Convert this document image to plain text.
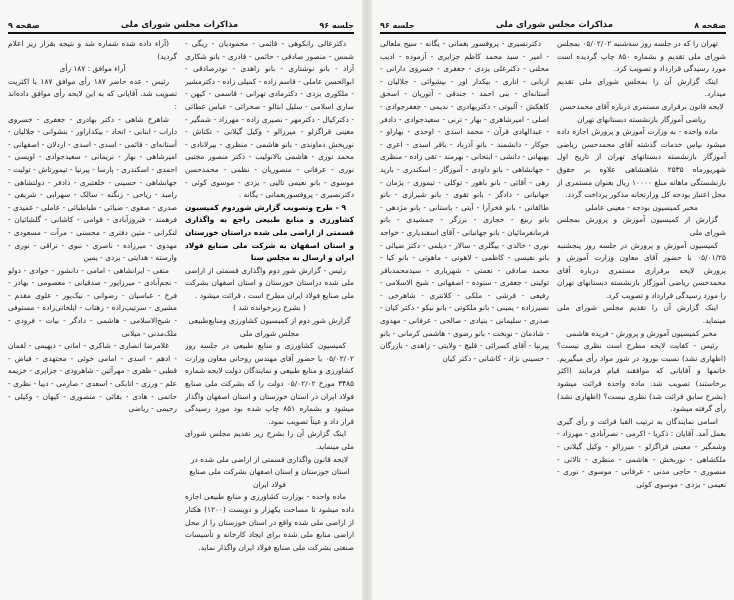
جلسه ۹۶
مذاکرات مجلس شورای ملی
صفحه ۹

دکترعالی رانکوهی - قائمی - محمودیان - ریگی - شمس - منصور صادقی - حائمی - قادری - بانو شکاری آزاد - بانو نوشتاری - بانو زاهدی - نودرصادقی - ابوالحسن عاملی - قاسم زاده - کمیلی زاده - دکترمشیر - ملکوری یزدی - دکترمادی تهرانی - قاسمی - کیهن - ساری اسلامی - سلیل ابتالو - صحرائی - عباس عطائی - دکترکیال - دکترمهر - نصیری زاده - مهرزاد - شمگیر - معینی قراگزلو - میرزالو - وکیل گیلانی - تکتاش - نوریخش دماوندی - بانو هاشمی - منظری - بیرلانادی - محمد نوری - هاشمی بالانولیب - دکتر منصور مجتبی‌ نوری - عرفانی - منصوریان - نظمی - محمدحسن موسوی - بانو نعیمی تالیی - یزدی - موسوی کوئی - دکترنصیری - پروفسوربعمانی - یگانه .

۹ - طرح وتصویب گزارش شوردوم کمیسیون کشاورزی و منابع طبیعی راجع به واگذاری قسمتی از اراضی ملی شده دراستان خوزستان و استان اصفهان به شرکت ملی صنایع فولاد ایران و ارسال به مجلس سنا

رئیس - گزارش شور دوم واگذاری قسمتی از اراضی ملی شده دراستان خوزستان و استان اصفهان بشرکت ملی صنایع فولاد ایران مطرح است ، قرائت میشود .

( بشرح زیرخوانده شد )

گزارش شور دوم از کمیسیون کشاورزی ومنابع‌طبیعی مجلس شورای ملی

کمیسیون کشاورزی و منابع طبیعی در جلسه روز ۰۵/۰۲/۰۲ با حضور آقای مهندس روحانی معاون وزارت کشاورزی و منابع طبیعی و نمایندگان دولت لایحه شماره ۳۴۸۵ مورخ ۰۵/۰۲/۰۲ دولت را که بشرکت ملی صنایع فولاد ایران در استان خوزستان و استان اصفهان واگذار میشود و بشماره ۸۵۱ چاپ شده بود مورد رسیدگی قرار داد و عیناً تصویب نمود.

اینک گزارش آن را بشرح زیر تقدیم مجلس شورای ملی مینماید.

لایحه قانون واگذاری قسمتی از اراضی ملی شده در استان خوزستان و استان اصفهان بشرکت ملی صنایع فولاد ایران

ماده واحده - بوزارت کشاورزی و منابع طبیعی اجازه داده میشود تا مساحت یکهزار و دویست (۱۲۰۰) هکتار از اراضی ملی شده واقع در استان خوزستان را از محل اراضی منابع ملی شده برای ایجاد کارخانه و تأسیسات صنعتی بشرکت ملی صنایع فولاد ایران واگذار نماید.

(آراء داده شده شماره شد و نتیجه بقرار زیر اعلام گردید)

آراء موافق : ۱۸۷ رأی

رئیس - عده حاضر ۱۸۷ رأی موافق ۱۸۷ با اکثریت تصویب شد. آقایانی که به این لایحه رأی موافق داده‌اند :

شاهرخ شاهی - دکتر بهادری - جعفری - خسروی داراب - ابنابی - اتحاد - بیکداراور - بنشوانی - جلالیان - آستانه‌ای - قائمی - اسدی - اسدی - اردلان - اصفهانی - امیرشاهی - بهار - نریمانی - سعیدجوادی - اویسی - احمدی - اسکندری - پارسا - پیرنیا - تیمورتاش - تولیت - جهانشاهی - حسینی - خلعتبری - دادفر - دولتشاهی - رامبد - ریاحی - زنگنه - سالک - سهرابی - شریفی - صدری - صفوی - ضیائی - طباطبائی - عاملی - عمیدی - فرهمند - فیروزآبادی - قوامی - کاشانی - گلشائیان - لنکرانی - متین دفتری - محسنی - مرآت - مسعودی - مهدوی - میرزاده - ناصری - نبوی - نراقی - نوری - وارسته - هدایتی - یزدی - یمین

منفی - ایرانشاهی - امامی - دانشور - جوادی - دولو - نجم‌آبادی - میرزاپور - صدقیانی - معصومی - بهادر - فرخ - عباسیان - رضوانی - نیک‌پور - علوی مقدم - مشیری - سرتیپ‌زاده - زهتاب - ایلخانی‌زاده - مستوفی - شیخ‌الاسلامی - هاشمی - دادگر - بیات - فرودی - ملک‌مدنی - میلانی

غلامرضا انصاری - شاکری - امانی - دیهیمی - لقمان - ادهم - اسدی - امامی خوئی - مجتهدی - فیاض - قطبی - ظفری - مهرآئین - شاهرودی - جزایری - خزیمه علم - ورزی - اتابکی - اسعدی - صارمی - دیبا - نظری - حاتمی - هادی - بقائی - منصوری - کیهان - وکیلی - رحیمی - ریاضی

صفحه ۸
مذاکرات مجلس شورای ملی
جلسه ۹۶

تهران را که در جلسه روز سه‌شنبه ۰۵/۰۲/۰۲ بمجلس شورای ملی تقدیم و بشماره ۸۵۰ چاپ گردیده است مورد رسیدگی قرارداد و تصویب کرد.

اینک گزارش آن را بمجلس شورای ملی تقدیم میدارد.

لایحه قانون برقراری مستمری درباره آقای محمدحسن ریاضی آموزگار بازنشسته دبستانهای تهران

ماده واحده - به وزارت آموزش و پرورش اجازه داده میشود بپاس خدمات گذشته آقای محمدحسن ریاضی آموزگار بازنشسته دبستانهای تهران از تاریخ اول شهریورماه ۲۵۳۵ شاهنشاهی علاوه بر حقوق بازنشستگی ماهانه مبلغ ۱۰۰۰۰ ریال بعنوان مستمری از محل اعتبار بودجه کل وزارتخانه مذکور پرداخت گردد.

مخبر کمیسیون بودجه - معینی عاملی

گزارش از کمیسیون آموزش و پرورش بمجلس شورای ملی

کمیسیون آموزش و پرورش در جلسه روز پنجشنبه ۰۵/۰۱/۲۵ با حضور آقای معاون وزارت آموزش و پرورش لایحه برقراری مستمری درباره آقای محمدحسن ریاضی آموزگار بازنشسته دبستانهای تهران را مورد رسیدگی قرارداد و تصویب کرد.

اینک گزارش آن را تقدیم مجلس شورای ملی مینماید.

مخبر کمیسیون آموزش و پرورش - فریده هاشمی

رئیس - کفایت لایحه مطرح است نظری نیست؟ (اظهاری نشد) نسبت بورود در شور مواد رأی میگیریم. خانمها و آقایانی که موافقند قیام فرمایند (اکثر برخاستند) تصویب شد. ماده واحده قرائت میشود (بشرح سابق قرائت شد) نظری نیست؟ (اظهاری نشد) رأی گرفته میشود.

اسامی نمایندگان به ترتیب الفبا قرائت و رأی گیری بعمل آمد. آقایان : ذکریا - اکرمی - نصرآبادی - مهرزاد - وشمگیر - معینی قراگزلو - میرزالو - وکیل گیلانی - ملکشاهی - نوربخش - هاشمی - منظری - تالانی - منصوری - حاجی مدنی - عرفانی - موسوی - نوری - نعیمی - یزدی - موسوی کوئی

دکترنصیری - پروفسور بغمانی - یگانه - سیح ملعالی - امیر - سید محمد کاظم جزایری - آزموده - ادیب محلتی - دکترعلی یزدی - جعفری - خسروی دارانی - اربابی - اناری - بیکدار اور - بیشوائی - جلالیان - آستانه‌ای - بنی احمد - جندقی - آتورپان - اسحق کاهکش - آلبوتی - دکتربهادری - ندیمی - جعفرجوادی - اصلی - امیرشاهری - بهار - ترنی - سعیدجوادی - دادفر - عبدالهادی قرآن - محمد اسدی - اوحدی - بهاراو - جوکار - دانشمند - بانو آذرباد - باقر اسدی - اعری - بهبهانی - دانشی - ابتحانی - بهرمند - تقی زاده - منظری - جهانشاهی - بانو داودی - آموزگار - اسکندری - بارید زهی - آقائی - بانو باهور - توکلی - تیموری - پژمان - جهانبانی - دادگر - بانو تقوی - بانو شیرازی - بانو طالقانی - بانو فخرآرا - آیتی - باستانی - بانو مژدهی - بانو ربیع - حجازی - برزگر - جمشیدی - بانو فرمانفرمائیان - بانو جهانبانی - آقای اسفندیاری - خواجه نوری - خالدی - بیگلری - سالار - دیلمی - دکتر ضیائی - بانو نفیسی - کاظمی - لاهوتی - ماهوتی - بانو کیا - محمد صادقی - نعمتی - شهریاری - سیدمحمدباقر تولیتی - جعفری - ستوده - اصفهانی - شیخ الاسلامی - رفیعی - قرشی - ملکی - کلانتری - شاهرخی - نصیرزاده - یمینی - بانو ملکوتی - بانو نیکو - دکتر کیان - صدری - سلیمانی - بنیادی - صالحی - عرفانی - مهدوی - شادمان - نوبخت - بانو رضوی - هاشمی کرمانی - بانو پیرنیا - آقای کسرائی - قلیچ - ولایتی - زاهدی - بازرگان - حسینی نژاد - کاشانی - دکتر کیان
